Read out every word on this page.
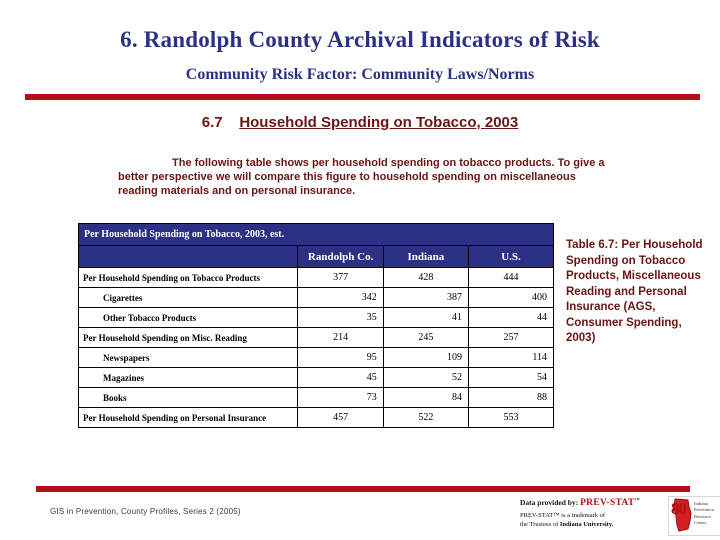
6. Randolph County Archival Indicators of Risk
Community Risk Factor: Community Laws/Norms
6.7 Household Spending on Tobacco, 2003
The following table shows per household spending on tobacco products. To give a better perspective we will compare this figure to household spending on miscellaneous reading materials and on personal insurance.
Per Household Spending on Tobacco, 2003, est.			
	Randolph Co.	Indiana	U.S.
Per Household Spending on Tobacco Products	377	428	444
Cigarettes	342	387	400
Other Tobacco Products	35	41	44
Per Household Spending on Misc. Reading	214	245	257
Newspapers	95	109	114
Magazines	45	52	54
Books	73	84	88
Per Household Spending on Personal Insurance	457	522	553
Table 6.7: Per Household Spending on Tobacco Products, Miscellaneous Reading and Personal Insurance (AGS, Consumer Spending, 2003)
GIS in Prevention, County Profiles, Series 2 (2005)
Data provided by: PREV-STAT™
PREV-STAT™ is a trademark of
the Trustees of Indiana University.
80 Indiana
Prevention
Resource
Center
